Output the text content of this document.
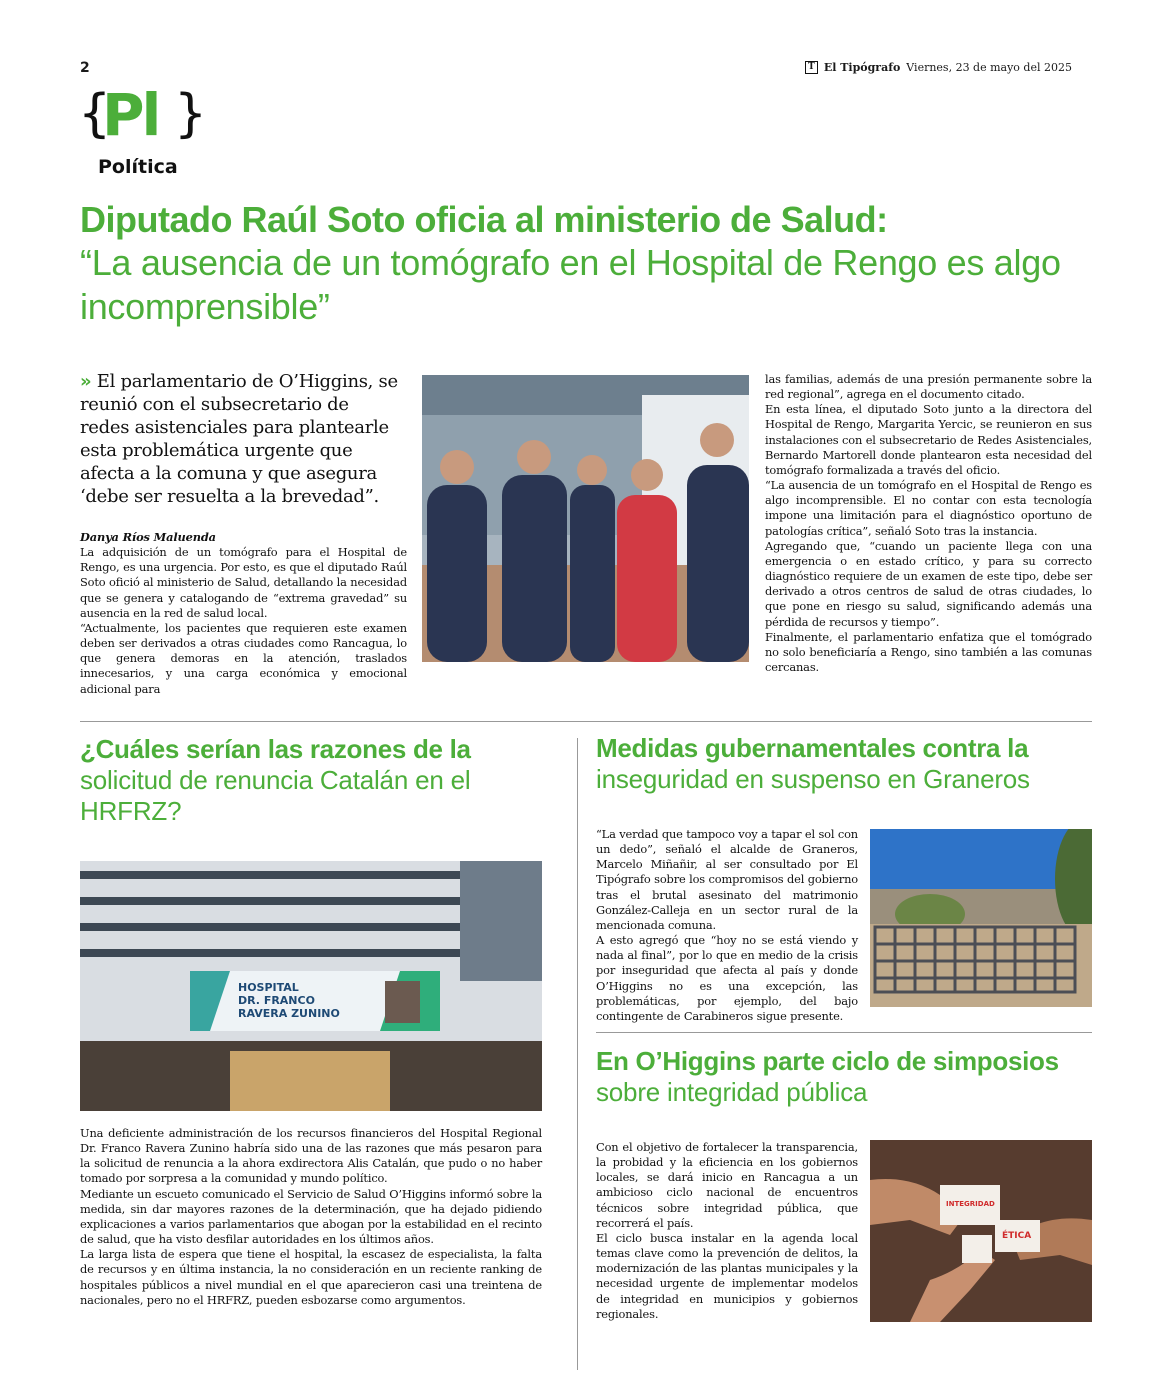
2	T El Tipógrafo Viernes, 23 de mayo del 2025
{
Pl }
Política
Diputado Raúl Soto oficia al ministerio de Salud:
“La ausencia de un tomógrafo en el Hospital de Rengo es algo incomprensible”
» El parlamentario de O’Higgins, se reunió con el subsecretario de redes asistenciales para plantearle esta problemática urgente que afecta a la comuna y que asegura ‘debe ser resuelta a la brevedad”.

Danya Ríos Maluenda

La adquisición de un tomógrafo para el Hospital de Rengo, es una urgencia. Por esto, es que el diputado Raúl Soto ofició al ministerio de Salud, detallando la necesidad que se genera y catalogando de “extrema gravedad” su ausencia en la red de salud local.

“Actualmente, los pacientes que requieren este examen deben ser derivados a otras ciudades como Rancagua, lo que genera demoras en la atención, traslados innecesarios, y una carga económica y emocional adicional para

las familias, además de una presión permanente sobre la red regional”, agrega en el documento citado.

En esta línea, el diputado Soto junto a la directora del Hospital de Rengo, Margarita Yercic, se reunieron en sus instalaciones con el subsecretario de Redes Asistenciales, Bernardo Martorell donde plantearon esta necesidad del tomógrafo formalizada a través del oficio.

“La ausencia de un tomógrafo en el Hospital de Rengo es algo incomprensible. El no contar con esta tecnología impone una limitación para el diagnóstico oportuno de patologías crítica”, señaló Soto tras la instancia.

Agregando que, “cuando un paciente llega con una emergencia o en estado crítico, y para su correcto diagnóstico requiere de un examen de este tipo, debe ser derivado a otros centros de salud de otras ciudades, lo que pone en riesgo su salud, significando además una pérdida de recursos y tiempo”.

Finalmente, el parlamentario enfatiza que el tomógrado no solo beneficiaría a Rengo, sino también a las comunas cercanas.

¿Cuáles serían las razones de la
solicitud de renuncia Catalán en el HRFRZ?
HOSPITAL
DR. FRANCO
RAVERA ZUNINO

Una deficiente administración de los recursos financieros del Hospital Regional Dr. Franco Ravera Zunino habría sido una de las razones que más pesaron para la solicitud de renuncia a la ahora exdirectora Alis Catalán, que pudo o no haber tomado por sorpresa a la comunidad y mundo político.

Mediante un escueto comunicado el Servicio de Salud O’Higgins informó sobre la medida, sin dar mayores razones de la determinación, que ha dejado pidiendo explicaciones a varios parlamentarios que abogan por la estabilidad en el recinto de salud, que ha visto desfilar autoridades en los últimos años.

La larga lista de espera que tiene el hospital, la escasez de especialista, la falta de recursos y en última instancia, la no consideración en un reciente ranking de hospitales públicos a nivel mundial en el que aparecieron casi una treintena de nacionales, pero no el HRFRZ, pueden esbozarse como argumentos.

Medidas gubernamentales contra la
inseguridad en suspenso en Graneros

“La verdad que tampoco voy a tapar el sol con un dedo”, señaló el alcalde de Graneros, Marcelo Miñañir, al ser consultado por El Tipógrafo sobre los compromisos del gobierno tras el brutal asesinato del matrimonio González-Calleja en un sector rural de la mencionada comuna.

A esto agregó que “hoy no se está viendo y nada al final”, por lo que en medio de la crisis por inseguridad que afecta al país y donde O’Higgins no es una excepción, las problemáticas, por ejemplo, del bajo contingente de Carabineros sigue presente.

En O’Higgins parte ciclo de simposios
sobre integridad pública

Con el objetivo de fortalecer la transparencia, la probidad y la eficiencia en los gobiernos locales, se dará inicio en Rancagua a un ambicioso ciclo nacional de encuentros técnicos sobre integridad pública, que recorrerá el país.

El ciclo busca instalar en la agenda local temas clave como la prevención de delitos, la modernización de las plantas municipales y la necesidad urgente de implementar modelos de integridad en municipios y gobiernos regionales.

INTEGRIDAD
ÉTICA
